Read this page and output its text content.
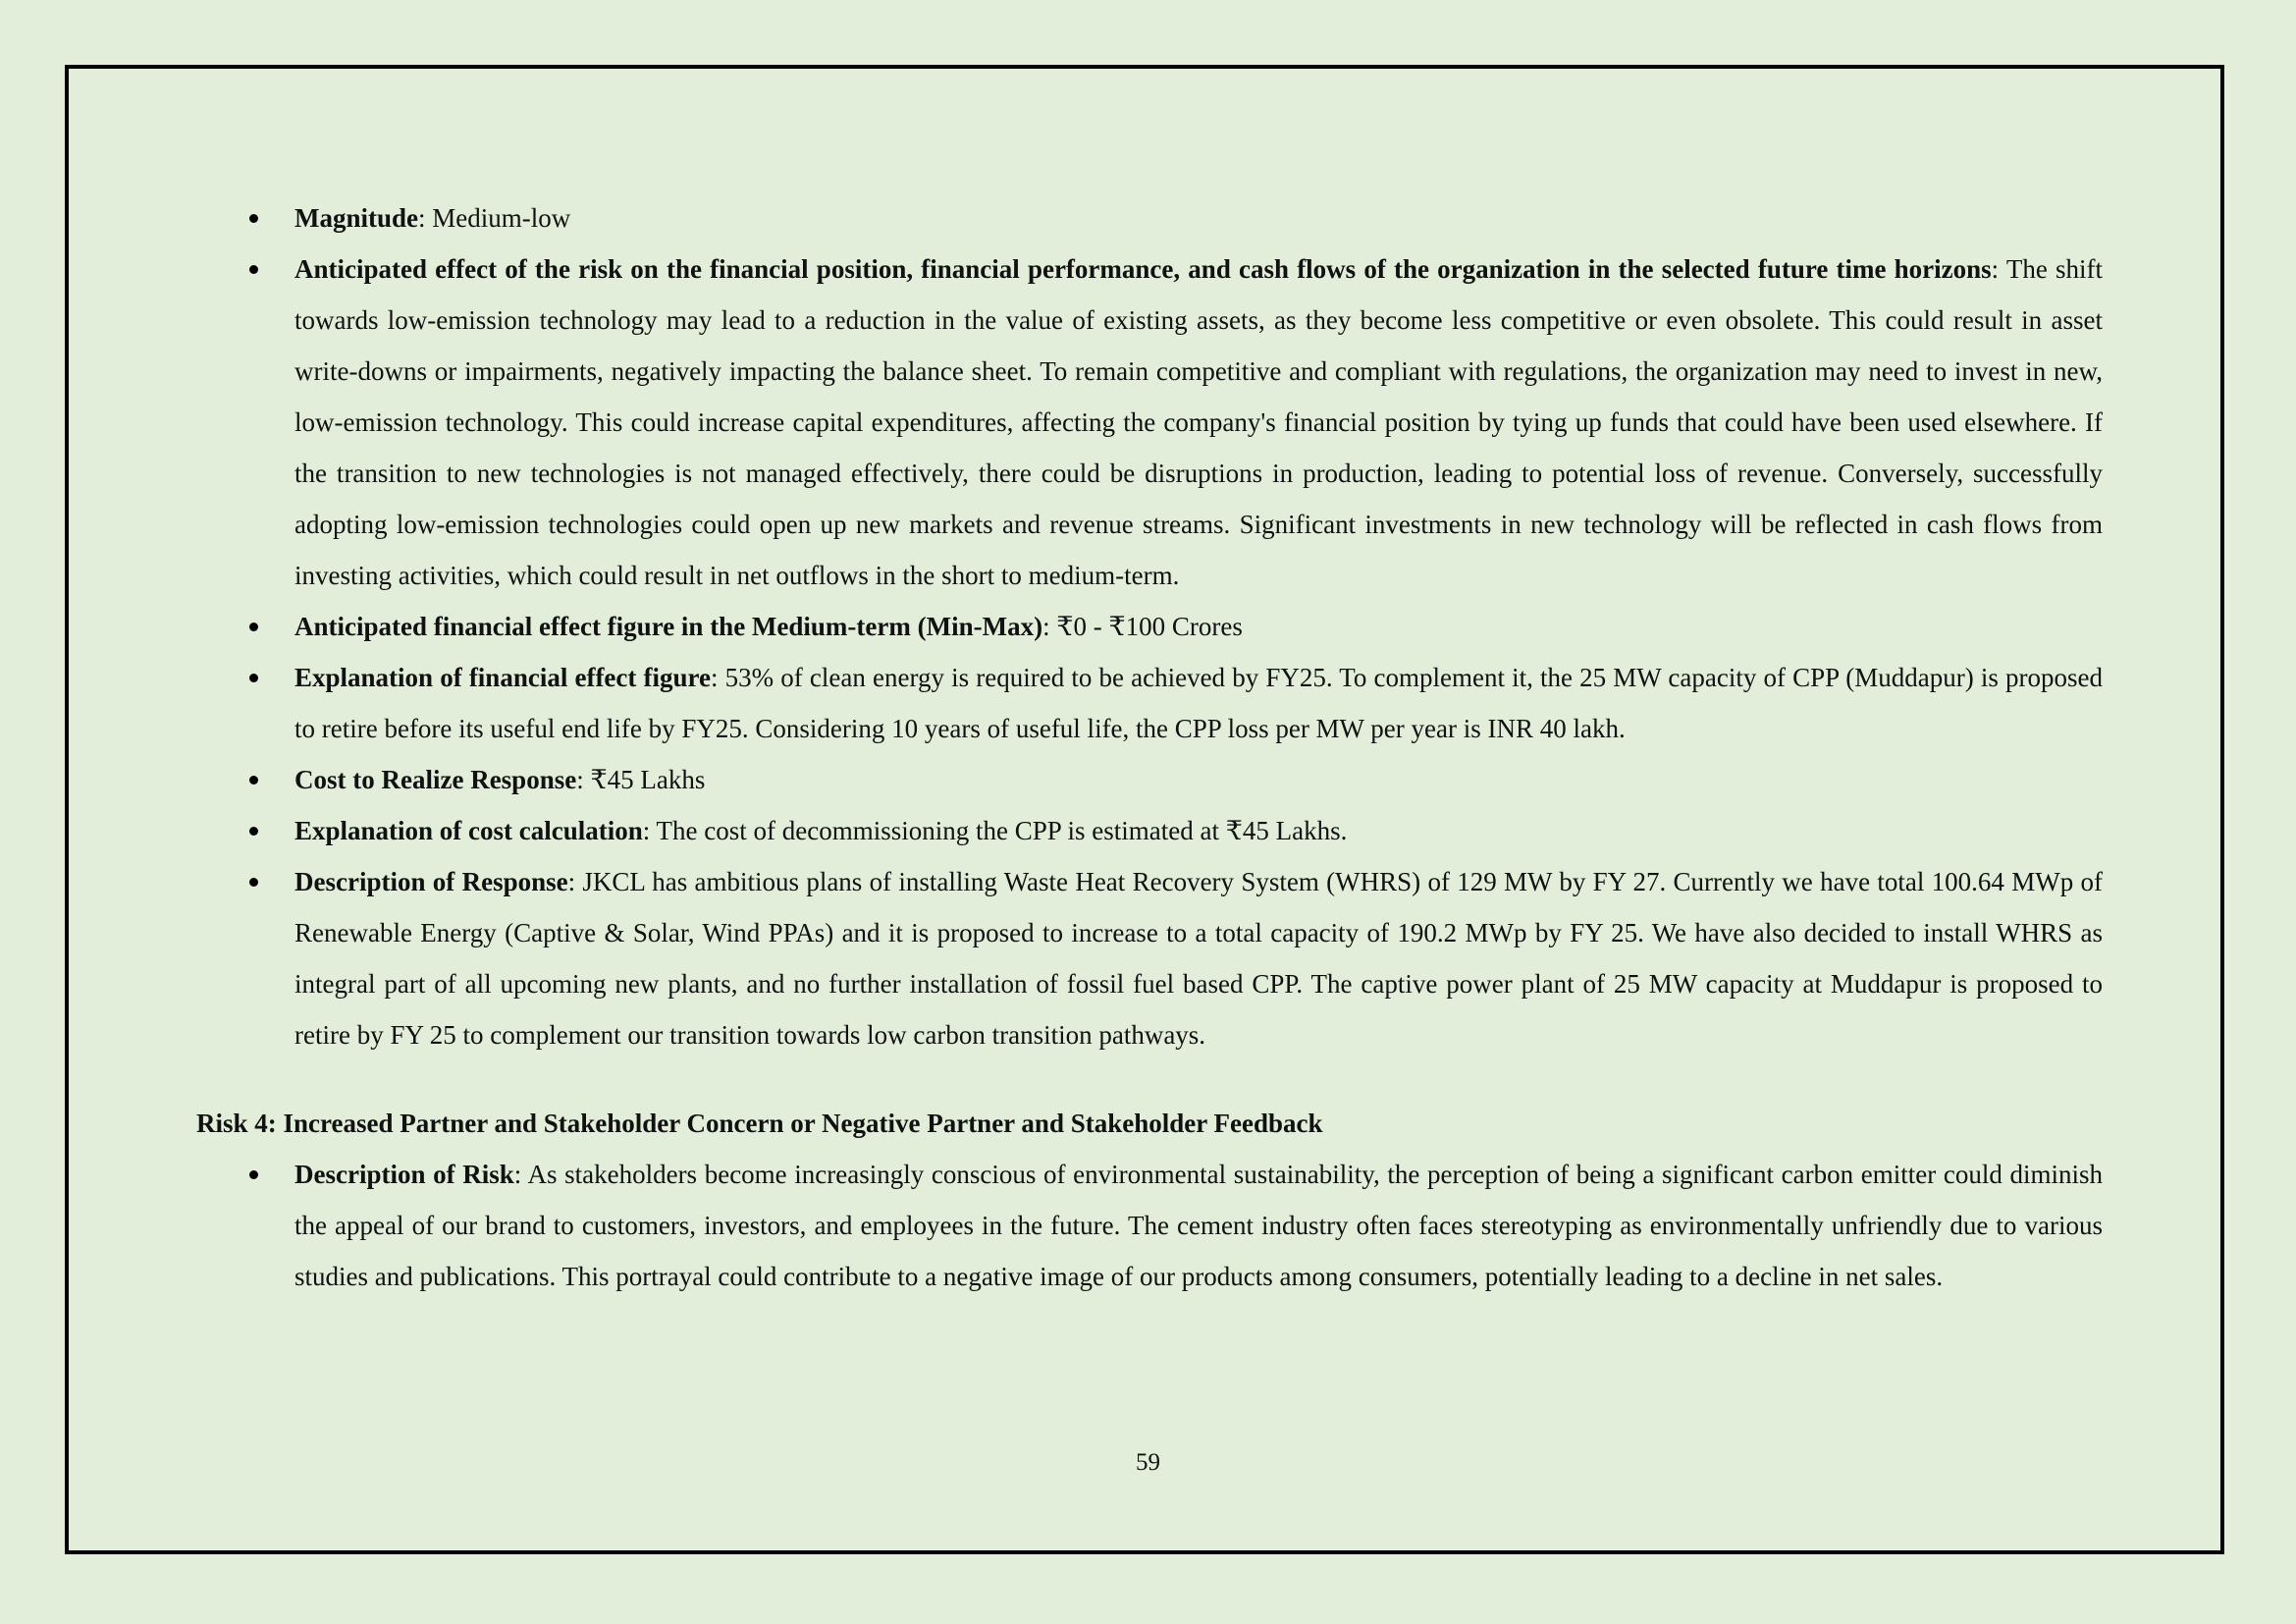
Magnitude: Medium-low
Anticipated effect of the risk on the financial position, financial performance, and cash flows of the organization in the selected future time horizons: The shift towards low-emission technology may lead to a reduction in the value of existing assets, as they become less competitive or even obsolete. This could result in asset write-downs or impairments, negatively impacting the balance sheet. To remain competitive and compliant with regulations, the organization may need to invest in new, low-emission technology. This could increase capital expenditures, affecting the company's financial position by tying up funds that could have been used elsewhere. If the transition to new technologies is not managed effectively, there could be disruptions in production, leading to potential loss of revenue. Conversely, successfully adopting low-emission technologies could open up new markets and revenue streams. Significant investments in new technology will be reflected in cash flows from investing activities, which could result in net outflows in the short to medium-term.
Anticipated financial effect figure in the Medium-term (Min-Max): ₹0 - ₹100 Crores
Explanation of financial effect figure: 53% of clean energy is required to be achieved by FY25. To complement it, the 25 MW capacity of CPP (Muddapur) is proposed to retire before its useful end life by FY25. Considering 10 years of useful life, the CPP loss per MW per year is INR 40 lakh.
Cost to Realize Response: ₹45 Lakhs
Explanation of cost calculation: The cost of decommissioning the CPP is estimated at ₹45 Lakhs.
Description of Response: JKCL has ambitious plans of installing Waste Heat Recovery System (WHRS) of 129 MW by FY 27. Currently we have total 100.64 MWp of Renewable Energy (Captive & Solar, Wind PPAs) and it is proposed to increase to a total capacity of 190.2 MWp by FY 25. We have also decided to install WHRS as integral part of all upcoming new plants, and no further installation of fossil fuel based CPP. The captive power plant of 25 MW capacity at Muddapur is proposed to retire by FY 25 to complement our transition towards low carbon transition pathways.
Risk 4: Increased Partner and Stakeholder Concern or Negative Partner and Stakeholder Feedback
Description of Risk: As stakeholders become increasingly conscious of environmental sustainability, the perception of being a significant carbon emitter could diminish the appeal of our brand to customers, investors, and employees in the future. The cement industry often faces stereotyping as environmentally unfriendly due to various studies and publications. This portrayal could contribute to a negative image of our products among consumers, potentially leading to a decline in net sales.
59
